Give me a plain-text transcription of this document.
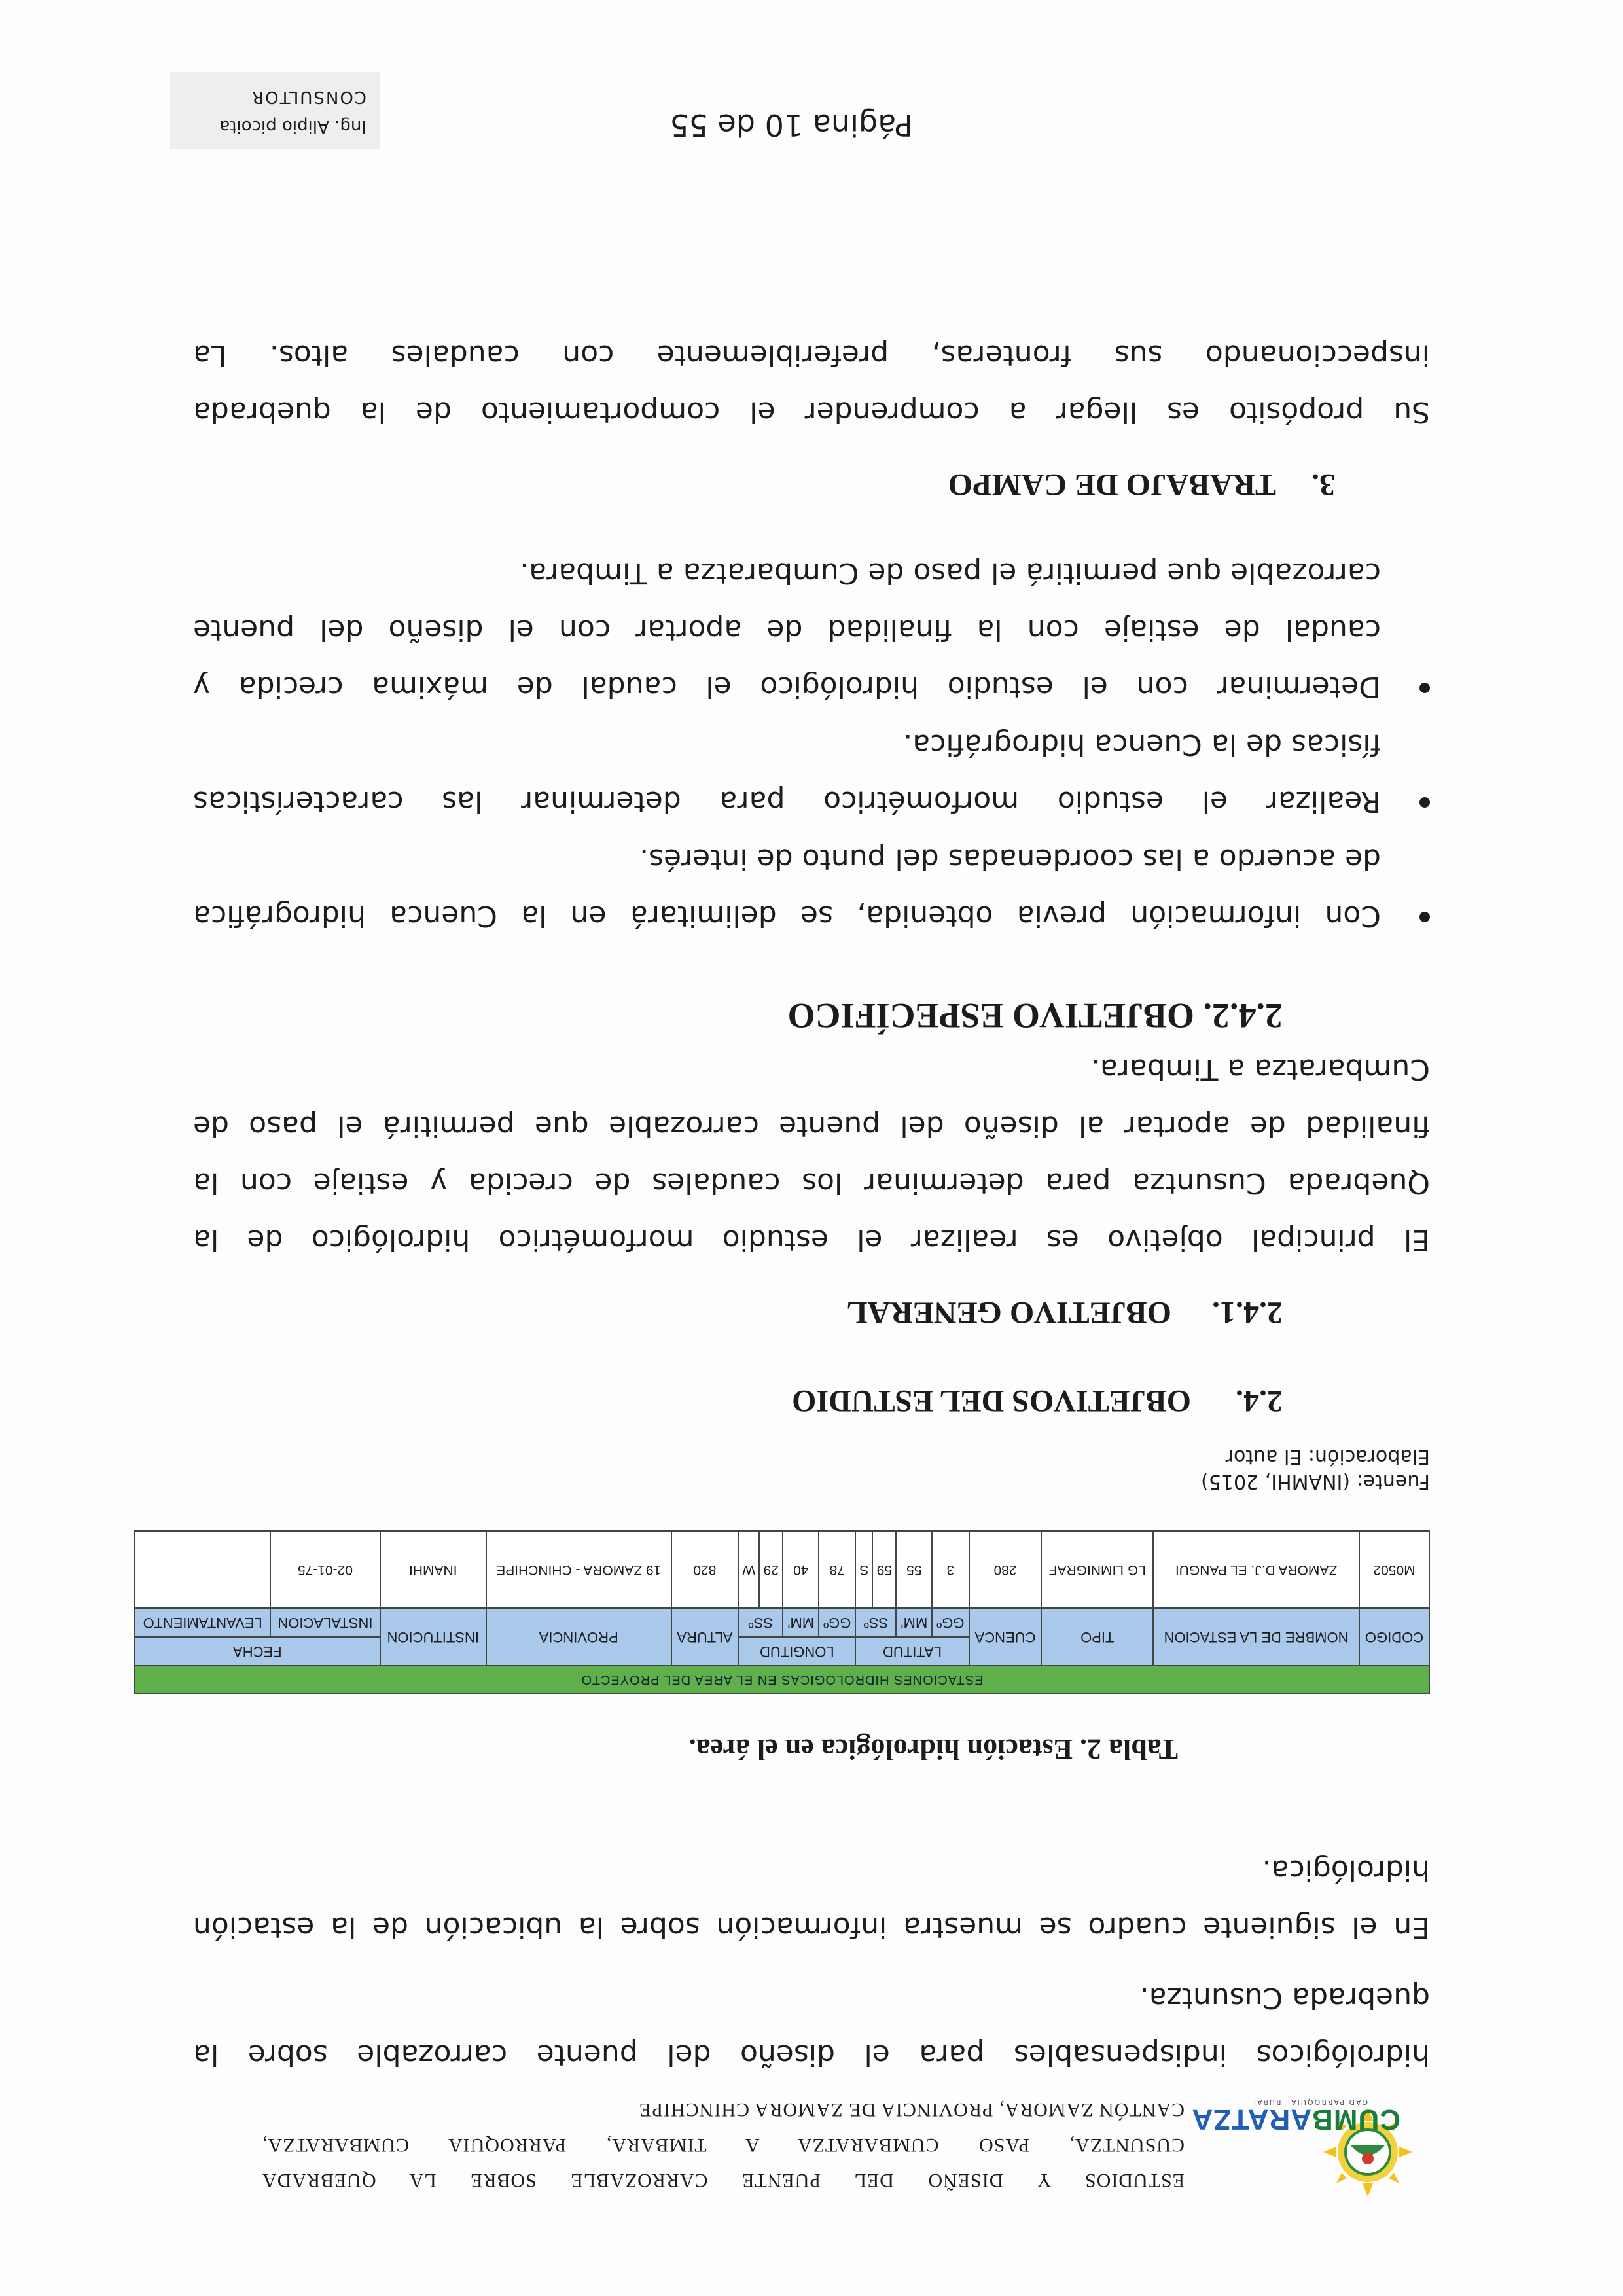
CUMBARATZA
GAD PARROQUIAL RURAL
ESTUDIOS Y DISEÑO DEL PUENTE CARROZABLE SOBRE LA QUEBRADA
CUSUNTZA, PASO CUMBARATZA A TIMBARA, PARROQUIA CUMBARATZA,
CANTÓN ZAMORA, PROVINCIA DE ZAMORA CHINCHIPE
hidrológicos indispensables para el diseño del puente carrozable sobre la
quebrada Cusuntza.
En el siguiente cuadro se muestra información sobre la ubicación de la estación
hidrológica.
Tabla 2. Estación hidrológica en el área.
ESTACIONES HIDROLOGICAS EN EL AREA DEL PROYECTO																
CODIGO	NOMBRE DE LA ESTACION	TIPO	CUENCA	LATITUD				LONGITUD				ALTURA	PROVINCIA	INSTITUCION	FECHA	
				GGº	MM'	SSº		GGº	MM'	SSº					INSTALACION	LEVANTAMIENTO
M0502	ZAMORA D.J. EL PANGUI	LG LIMNIGRAF	280	3	55	59	S	78	40	29	W	820	19 ZAMORA - CHINCHIPE	INAMHI	02-01-75	
Fuente: (INAMHI, 2015)
Elaboración: El autor
2.4.OBJETIVOS DEL ESTUDIO
2.4.1.OBJETIVO GENERAL
El principal objetivo es realizar el estudio morfométrico hidrológico de la
Quebrada Cusuntza para determinar los caudales de crecida y estiaje con la
finalidad de aportar al diseño del puente carrozable que permitirá el paso de
Cumbaratza a Timbara.
2.4.2. OBJETIVO ESPECÍFICO
Con información previa obtenida, se delimitará en la Cuenca hidrográfica
de acuerdo a las coordenadas del punto de interés.
Realizar el estudio morfométrico para determinar las características
físicas de la Cuenca hidrográfica.
Determinar con el estudio hidrológico el caudal de máxima crecida y
caudal de estiaje con la finalidad de aportar con el diseño del puente
carrozable que permitirá el paso de Cumbaratza a Timbara.
3.TRABAJO DE CAMPO
Su propósito es llegar a comprender el comportamiento de la quebrada
inspeccionando sus fronteras, preferiblemente con caudales altos. La
Página 10 de 55
Ing. Alipio picoita
CONSULTOR
